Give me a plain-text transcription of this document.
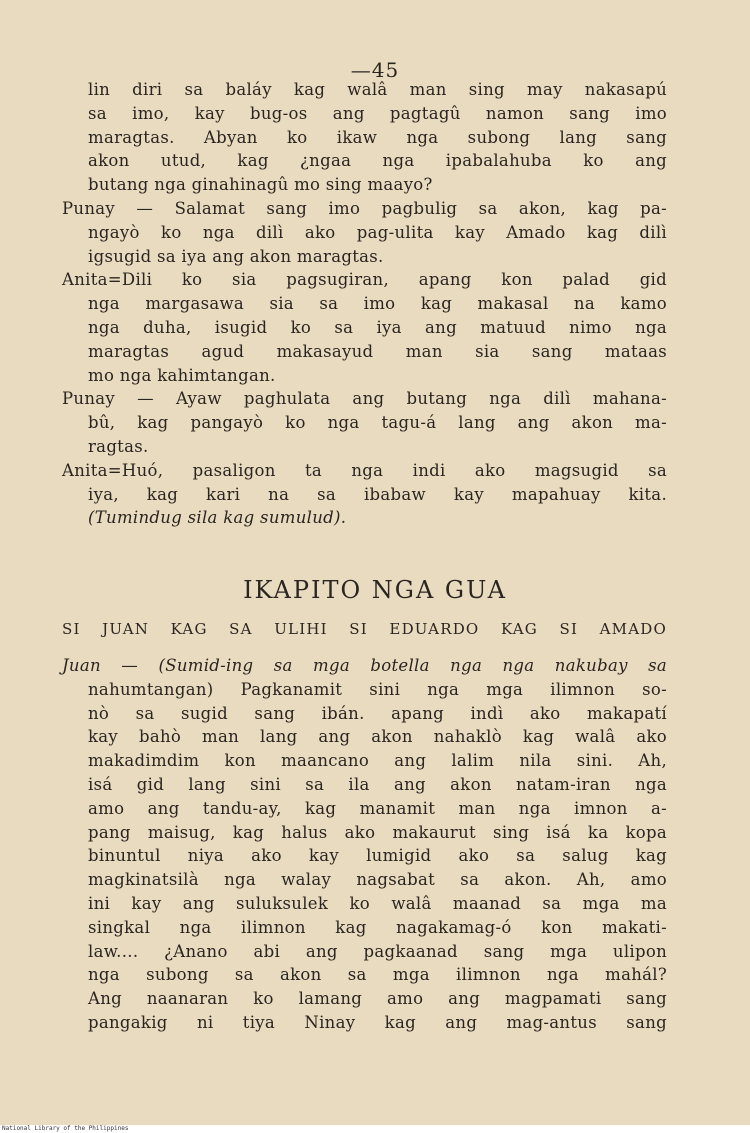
—45
lin diri sa baláy kag walâ man sing may nakasapú
sa imo, kay bug-os ang pagtagû namon sang imo
maragtas. Abyan ko ikaw nga subong lang sang
akon utud, kag ¿ngaa nga ipabalahuba ko ang
butang nga ginahinagû mo sing maayo?
Punay — Salamat sang imo pagbulig sa akon, kag pa-
ngayò ko nga dilì ako pag-ulita kay Amado kag dilì
igsugid sa iya ang akon maragtas.
Anita=Dili ko sia pagsugiran, apang kon palad gid
nga margasawa sia sa imo kag makasal na kamo
nga duha, isugid ko sa iya ang matuud nimo nga
maragtas agud makasayud man sia sang mataas
mo nga kahimtangan.
Punay — Ayaw paghulata ang butang nga dilì mahana-
bû, kag pangayò ko nga tagu-á lang ang akon ma-
ragtas.
Anita=Huó, pasaligon ta nga indi ako magsugid sa
iya, kag kari na sa ibabaw kay mapahuay kita.
(Tumindug sila kag sumulud).
IKAPITO NGA GUA
SI JUAN KAG SA ULIHI SI EDUARDO KAG SI AMADO
Juan — (Sumid-ing sa mga botella nga nga nakubay sa
nahumtangan) Pagkanamit sini nga mga ilimnon so-
nò sa sugid sang ibán. apang indì ako makapatí
kay bahò man lang ang akon nahaklò kag walâ ako
makadimdim kon maancano ang lalim nila sini. Ah,
isá gid lang sini sa ila ang akon natam-iran nga
amo ang tandu-ay, kag manamit man nga imnon a-
pang maisug, kag halus ako makaurut sing isá ka kopa
binuntul niya ako kay lumigid ako sa salug kag
magkinatsilà nga walay nagsabat sa akon. Ah, amo
ini kay ang suluksulek ko walâ maanad sa mga ma
singkal nga ilimnon kag nagakamag-ó kon makati-
law.... ¿Anano abi ang pagkaanad sang mga ulipon
nga subong sa akon sa mga ilimnon nga mahál?
Ang naanaran ko lamang amo ang magpamati sang
pangakig ni tiya Ninay kag ang mag-antus sang
National Library of the Philippines
